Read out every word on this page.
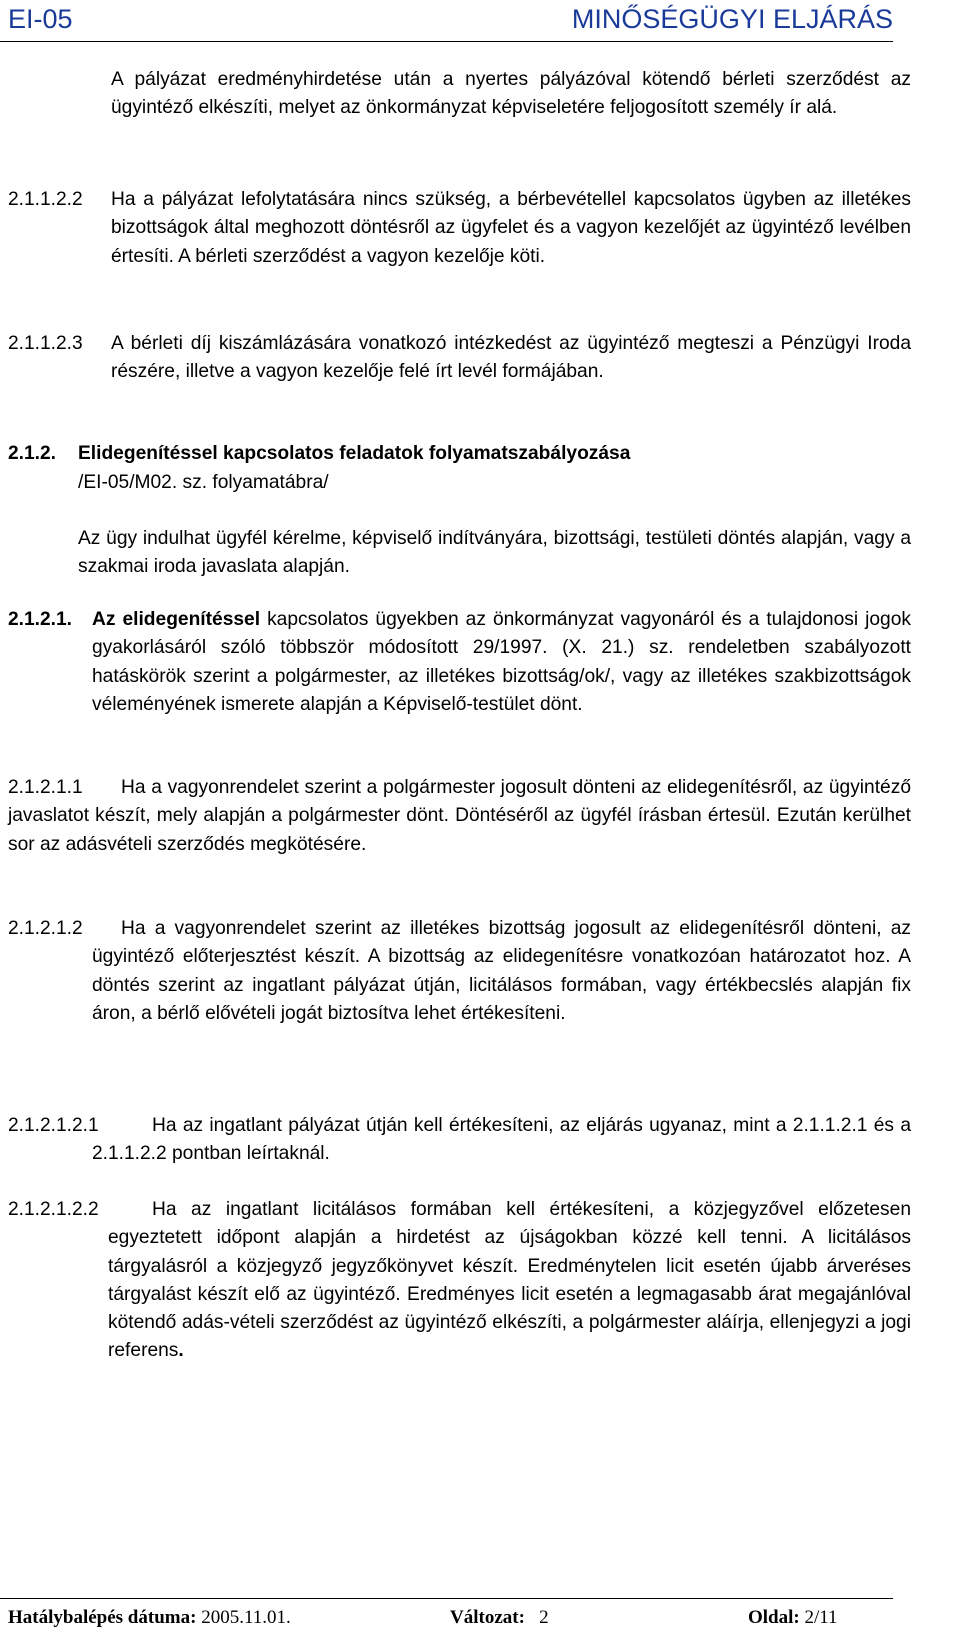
EI-05	MINŐSÉGÜGYI ELJÁRÁS

A pályázat eredményhirdetése után a nyertes pályázóval kötendő bérleti szerződést az ügyintéző elkészíti, melyet az önkormányzat képviseletére feljogosított személy ír alá.

2.1.1.2.2 Ha a pályázat lefolytatására nincs szükség, a bérbevétellel kapcsolatos ügyben az illetékes bizottságok által meghozott döntésről az ügyfelet és a vagyon kezelőjét az ügyintéző levélben értesíti. A bérleti szerződést a vagyon kezelője köti.
2.1.1.2.3 A bérleti díj kiszámlázására vonatkozó intézkedést az ügyintéző megteszi a Pénzügyi Iroda részére, illetve a vagyon kezelője felé írt levél formájában.
2.1.2. Elidegenítéssel kapcsolatos feladatok folyamatszabályozása

/EI-05/M02. sz. folyamatábra/

Az ügy indulhat ügyfél kérelme, képviselő indítványára, bizottsági, testületi döntés alapján, vagy a szakmai iroda javaslata alapján.

2.1.2.1. Az elidegenítéssel kapcsolatos ügyekben az önkormányzat vagyonáról és a tulajdonosi jogok gyakorlásáról szóló többször módosított 29/1997. (X. 21.) sz. rendeletben szabályozott hatáskörök szerint a polgármester, az illetékes bizottság/ok/, vagy az illetékes szakbizottságok véleményének ismerete alapján a Képviselő-testület dönt.
2.1.2.1.1	Ha a vagyonrendelet szerint a polgármester jogosult dönteni az elidegenítésről, az ügyintéző javaslatot készít, mely alapján a polgármester dönt. Döntéséről az ügyfél írásban értesül. Ezután kerülhet sor az adásvételi szerződés megkötésére.
2.1.2.1.2	Ha a vagyonrendelet szerint az illetékes bizottság jogosult az elidegenítésről dönteni, az ügyintéző előterjesztést készít. A bizottság az elidegenítésre vonatkozóan határozatot hoz. A döntés szerint az ingatlant pályázat útján, licitálásos formában, vagy értékbecslés alapján fix áron, a bérlő elővételi jogát biztosítva lehet értékesíteni.
2.1.2.1.2.1	Ha az ingatlant pályázat útján kell értékesíteni, az eljárás ugyanaz, mint a 2.1.1.2.1 és a 2.1.1.2.2 pontban leírtaknál.
2.1.2.1.2.2	Ha az ingatlant licitálásos formában kell értékesíteni, a közjegyzővel előzetesen egyeztetett időpont alapján a hirdetést az újságokban közzé kell tenni. A licitálásos tárgyalásról a közjegyző jegyzőkönyvet készít. Eredménytelen licit esetén újabb árveréses tárgyalást készít elő az ügyintéző. Eredményes licit esetén a legmagasabb árat megajánlóval kötendő adás-vételi szerződést az ügyintéző elkészíti, a polgármester aláírja, ellenjegyzi a jogi referens.
Hatálybalépés dátuma: 2005.11.01.	Változat: 2	Oldal: 2/11
